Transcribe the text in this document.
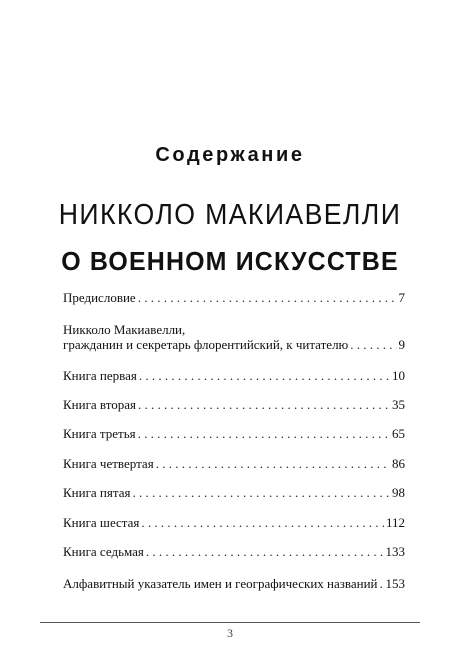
Содержание
НИККОЛО МАКИАВЕЛЛИ
О ВОЕННОМ ИСКУССТВЕ
Предисловие . . .	7
Никколо Макиавелли,
гражданин и секретарь флорентийский, к читателю . . .	9
Книга первая . . .	10
Книга вторая . . .	35
Книга третья . . .	65
Книга четвертая . . .	86
Книга пятая . . .	98
Книга шестая . . .	112
Книга седьмая . . .	133
Алфавитный указатель имен и географических названий . . . 153
3
